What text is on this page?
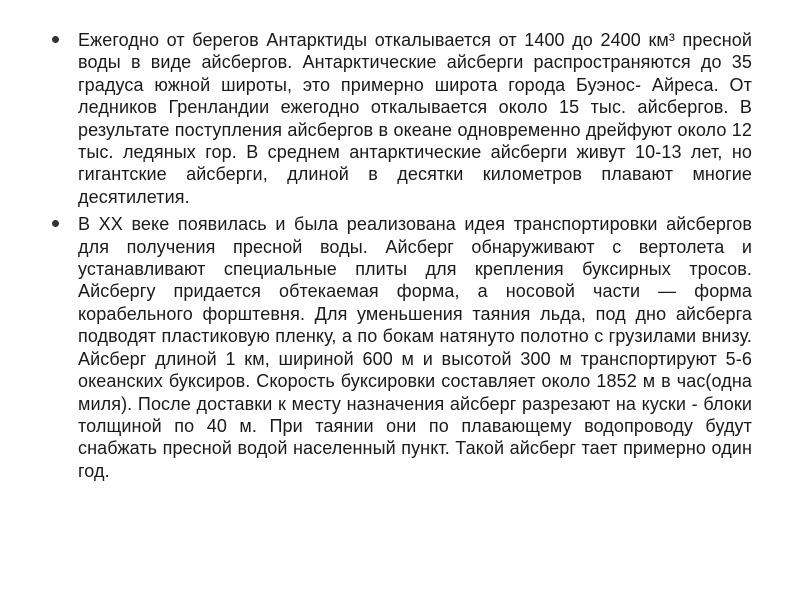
Ежегодно от берегов Антарктиды откалывается от 1400 до 2400 км³ пресной воды в виде айсбергов. Антарктические айсберги распространяются до 35 градуса южной широты, это примерно широта города Буэнос- Айреса. От ледников Гренландии ежегодно откалывается около 15 тыс. айсбергов. В результате поступления айсбергов в океане одновременно дрейфуют около 12 тыс. ледяных гор. В среднем антарктические айсберги живут 10-13 лет, но гигантские айсберги, длиной в десятки километров плавают многие десятилетия.

В XX веке появилась и была реализована идея транспортировки айсбергов для получения пресной воды. Айсберг обнаруживают с вертолета и устанавливают специальные плиты для крепления буксирных тросов. Айсбергу придается обтекаемая форма, а носовой части — форма корабельного форштевня. Для уменьшения таяния льда, под дно айсберга подводят пластиковую пленку, а по бокам натянуто полотно с грузилами внизу. Айсберг длиной 1 км, шириной 600 м и высотой 300 м транспортируют 5-6 океанских буксиров. Скорость буксировки составляет около 1852 м в час(одна миля). После доставки к месту назначения айсберг разрезают на куски - блоки толщиной по 40 м. При таянии они по плавающему водопроводу будут снабжать пресной водой населенный пункт. Такой айсберг тает примерно один год.
